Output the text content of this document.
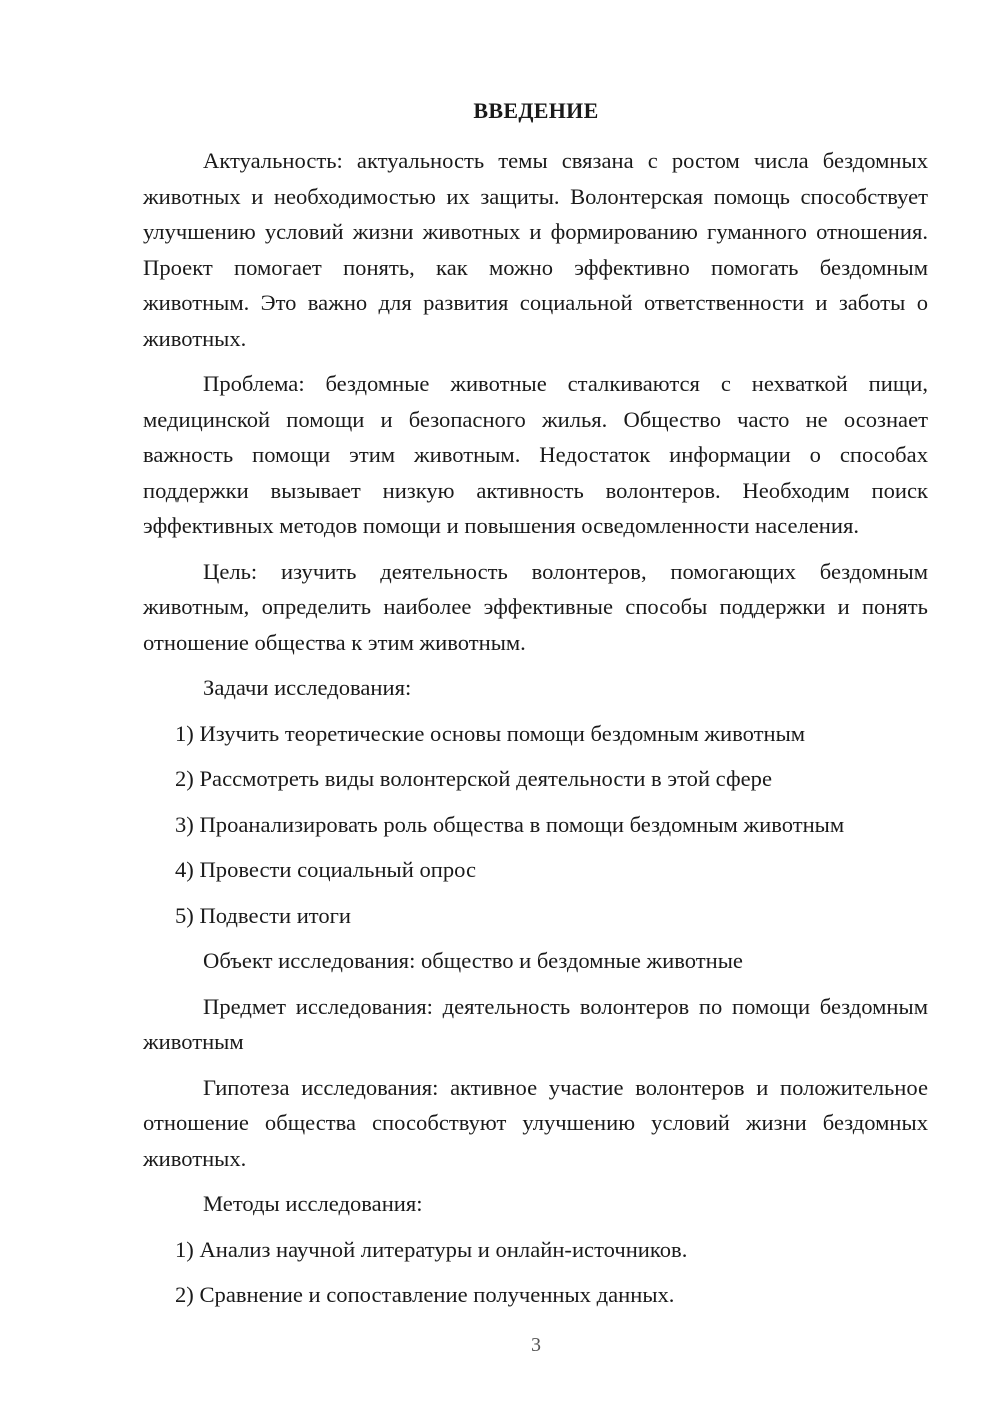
ВВЕДЕНИЕ

Актуальность: актуальность темы связана с ростом числа бездомных животных и необходимостью их защиты. Волонтерская помощь способствует улучшению условий жизни животных и формированию гуманного отношения. Проект помогает понять, как можно эффективно помогать бездомным животным. Это важно для развития социальной ответственности и заботы о животных.

Проблема: бездомные животные сталкиваются с нехваткой пищи, медицинской помощи и безопасного жилья. Общество часто не осознает важность помощи этим животным. Недостаток информации о способах поддержки вызывает низкую активность волонтеров. Необходим поиск эффективных методов помощи и повышения осведомленности населения.

Цель: изучить деятельность волонтеров, помогающих бездомным животным, определить наиболее эффективные способы поддержки и понять отношение общества к этим животным.

Задачи исследования:

1) Изучить теоретические основы помощи бездомным животным

2) Рассмотреть виды волонтерской деятельности в этой сфере

3) Проанализировать роль общества в помощи бездомным животным

4) Провести социальный опрос

5) Подвести итоги

Объект исследования: общество и бездомные животные

Предмет исследования: деятельность волонтеров по помощи бездомным животным

Гипотеза исследования: активное участие волонтеров и положительное отношение общества способствуют улучшению условий жизни бездомных животных.

Методы исследования:

1) Анализ научной литературы и онлайн-источников.

2) Сравнение и сопоставление полученных данных.

3
